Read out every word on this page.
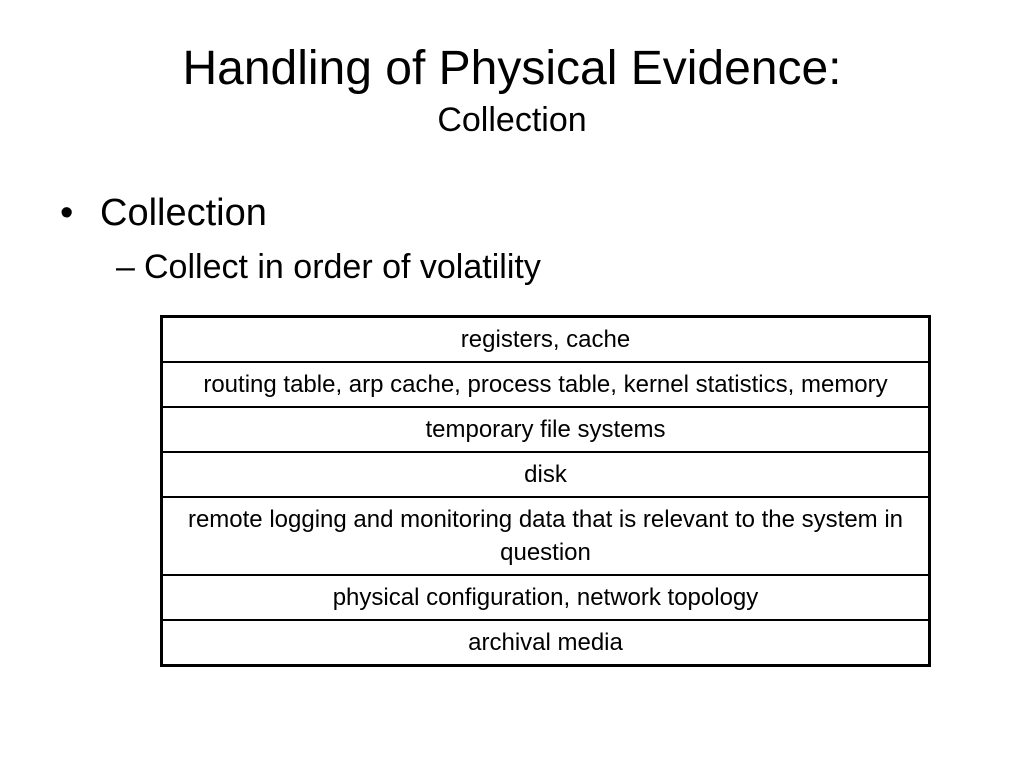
Handling of Physical Evidence:
Collection
• Collection
– Collect in order of volatility
registers, cache
routing table, arp cache, process table, kernel statistics, memory
temporary file systems
disk
remote logging and monitoring data that is relevant to the system in question
physical configuration, network topology
archival media
